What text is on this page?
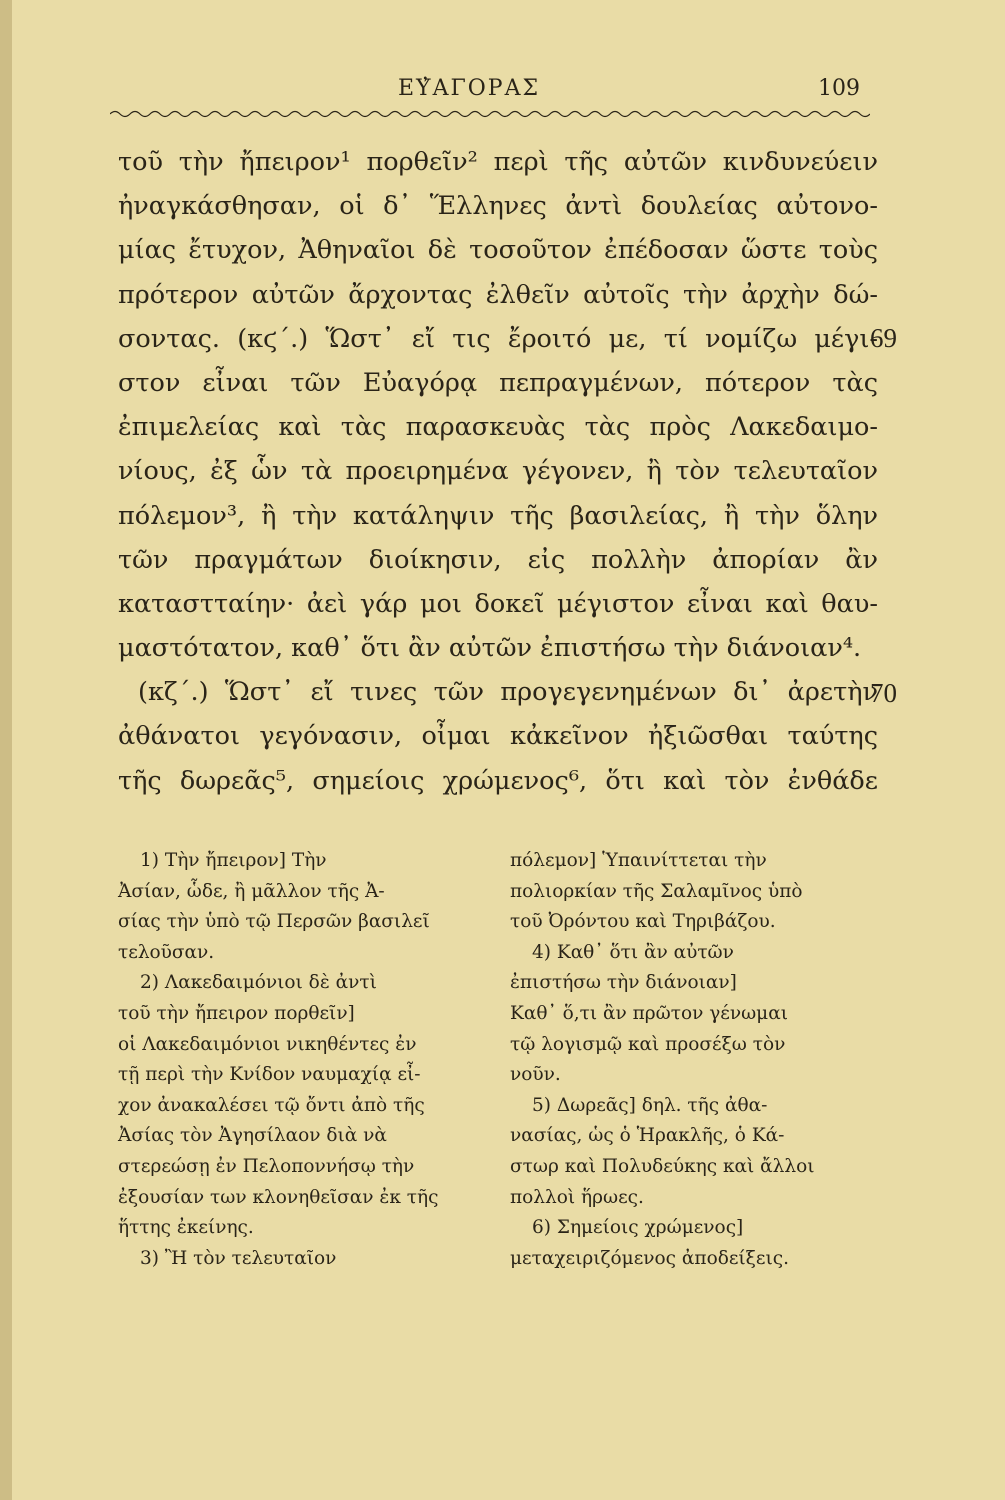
ΕΥ̓ΑΓΟΡΑΣ	109
τοῦ τὴν ἤπειρον¹ πορθεῖν² περὶ τῆς αὐτῶν κινδυνεύειν
ἠναγκάσθησαν, οἱ δ᾿ Ἕλληνες ἀντὶ δουλείας αὐτονο-
μίας ἔτυχον, Ἀθηναῖοι δὲ τοσοῦτον ἐπέδοσαν ὥστε τοὺς
πρότερον αὐτῶν ἄρχοντας ἐλθεῖν αὐτοῖς τὴν ἀρχὴν δώ-
σοντας. (κϛ΄.) Ὥστ᾿ εἴ τις ἔροιτό με, τί νομίζω μέγι-
στον εἶναι τῶν Εὐαγόρᾳ πεπραγμένων, πότερον τὰς
ἐπιμελείας καὶ τὰς παρασκευὰς τὰς πρὸς Λακεδαιμο-
νίους, ἐξ ὧν τὰ προειρημένα γέγονεν, ἢ τὸν τελευταῖον
πόλεμον³, ἢ τὴν κατάληψιν τῆς βασιλείας, ἢ τὴν ὅλην
τῶν πραγμάτων διοίκησιν, εἰς πολλὴν ἀπορίαν ἂν
καταστταίην· ἀεὶ γάρ μοι δοκεῖ μέγιστον εἶναι καὶ θαυ-
μαστότατον, καθ᾿ ὅτι ἂν αὐτῶν ἐπιστήσω τὴν διάνοιαν⁴.
(κζ΄.) Ὥστ᾿ εἴ τινες τῶν προγεγενημένων δι᾿ ἀρετὴν
ἀθάνατοι γεγόνασιν, οἶμαι κἀκεῖνον ἠξιῶσθαι ταύτης
τῆς δωρεᾶς⁵, σημείοις χρώμενος⁶, ὅτι καὶ τὸν ἐνθάδε
69
70
1) Τὴν ἤπειρον] Τὴν
Ἀσίαν, ὧδε, ἢ μᾶλλον τῆς Ἀ-
σίας τὴν ὑπὸ τῷ Περσῶν βασιλεῖ
τελοῦσαν.
2) Λακεδαιμόνιοι δὲ ἀντὶ
τοῦ τὴν ἤπειρον πορθεῖν]
οἱ Λακεδαιμόνιοι νικηθέντες ἐν
τῇ περὶ τὴν Κνίδον ναυμαχίᾳ εἶ-
χον ἀνακαλέσει τῷ ὄντι ἀπὸ τῆς
Ἀσίας τὸν Ἀγησίλαον διὰ νὰ
στερεώσῃ ἐν Πελοποννήσῳ τὴν
ἐξουσίαν των κλονηθεῖσαν ἐκ τῆς
ἥττης ἐκείνης.
3) Ἢ τὸν τελευταῖον
πόλεμον] Ὑπαινίττεται τὴν
πολιορκίαν τῆς Σαλαμῖνος ὑπὸ
τοῦ Ὀρόντου καὶ Τηριβάζου.
4) Καθ᾿ ὅτι ἂν αὐτῶν
ἐπιστήσω τὴν διάνοιαν]
Καθ᾿ ὅ,τι ἂν πρῶτον γένωμαι
τῷ λογισμῷ καὶ προσέξω τὸν
νοῦν.
5) Δωρεᾶς] δηλ. τῆς ἀθα-
νασίας, ὡς ὁ Ἡρακλῆς, ὁ Κά-
στωρ καὶ Πολυδεύκης καὶ ἄλλοι
πολλοὶ ἥρωες.
6) Σημείοις χρώμενος]
μεταχειριζόμενος ἀποδείξεις.
